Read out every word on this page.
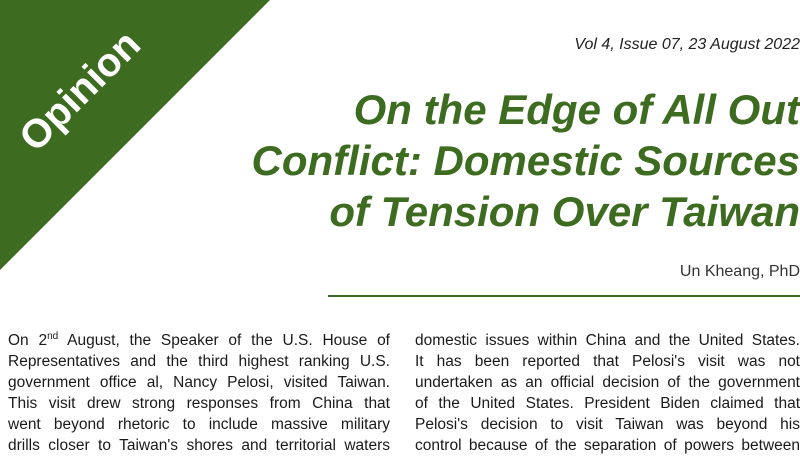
Opinion	Vol 4, Issue 07, 23 August 2022
On the Edge of All Out
Conflict: Domestic Sources
of Tension Over Taiwan
Un Kheang, PhD

On 2nd August, the Speaker of the U.S. House of
Representatives and the third highest ranking U.S.
government office al, Nancy Pelosi, visited Taiwan.
This visit drew strong responses from China that
went beyond rhetoric to include massive military
drills closer to Taiwan's shores and territorial waters

domestic issues within China and the United States.
It has been reported that Pelosi's visit was not
undertaken as an official decision of the government
of the United States. President Biden claimed that
Pelosi's decision to visit Taiwan was beyond his
control because of the separation of powers between
